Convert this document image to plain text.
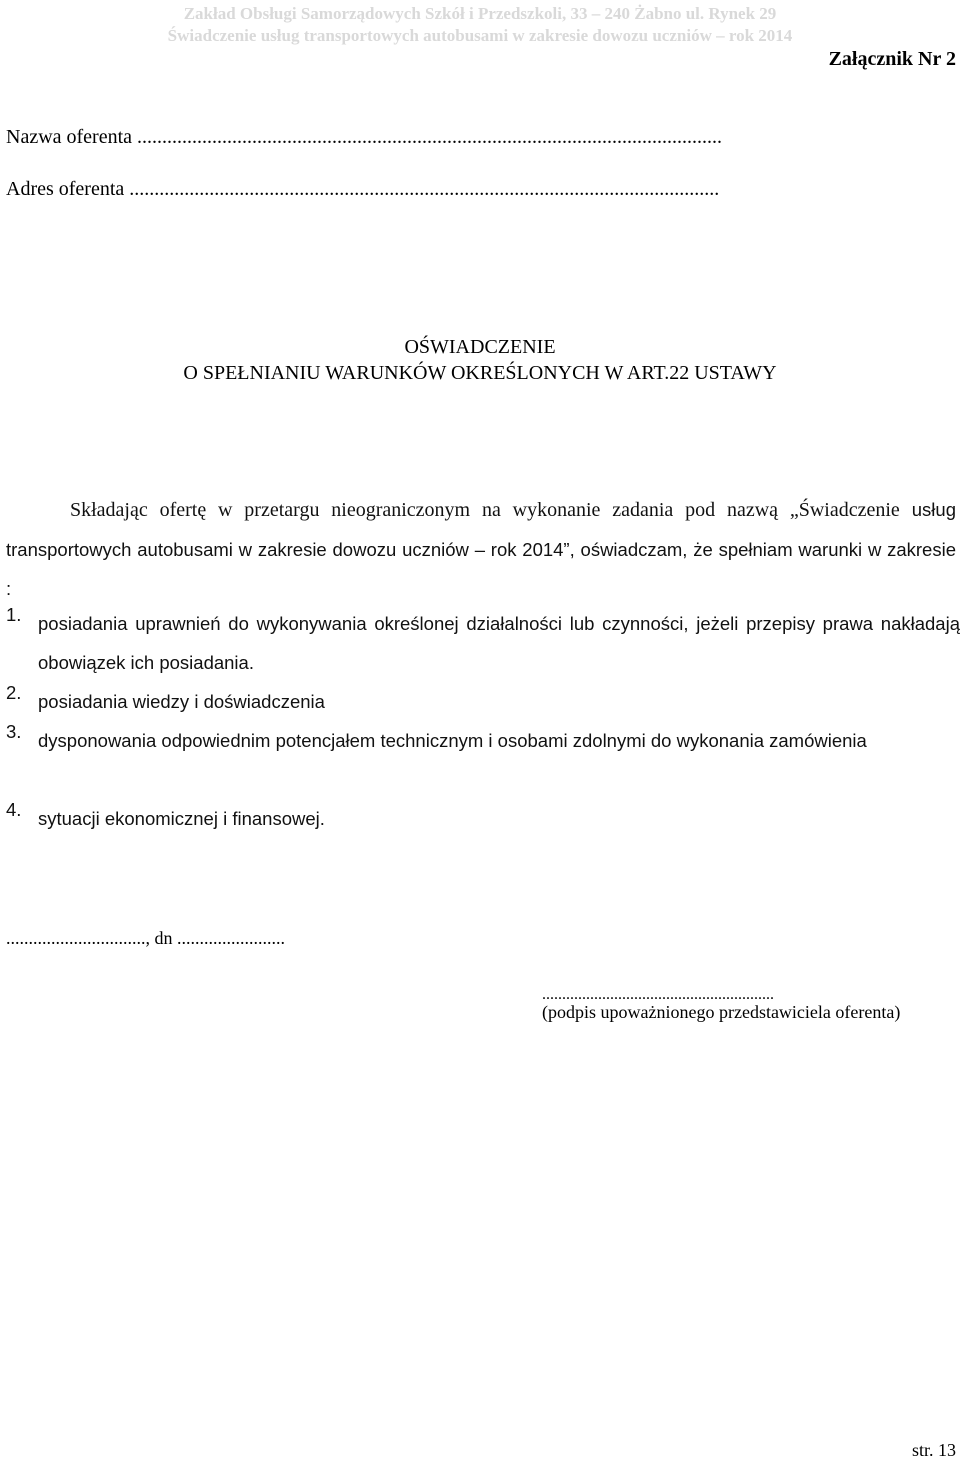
Zakład Obsługi Samorządowych Szkół i Przedszkoli, 33 – 240 Żabno ul. Rynek 29
Świadczenie usług transportowych autobusami w zakresie dowozu uczniów – rok 2014
Załącznik Nr 2
Nazwa oferenta .....................................................................................................................
Adres oferenta ......................................................................................................................
OŚWIADCZENIE
O SPEŁNIANIU WARUNKÓW OKREŚLONYCH W ART.22 USTAWY
Składając ofertę w przetargu nieograniczonym na wykonanie zadania pod nazwą „Świadczenie usług transportowych autobusami w zakresie dowozu uczniów – rok 2014”, oświadczam, że spełniam warunki w zakresie :
1. posiadania uprawnień do wykonywania określonej działalności lub czynności, jeżeli przepisy prawa nakładają obowiązek ich posiadania.
2. posiadania wiedzy i doświadczenia
3. dysponowania odpowiednim potencjałem technicznym i osobami zdolnymi do wykonania zamówienia
4. sytuacji ekonomicznej i finansowej.
..............................., dn ........................
..........................................................
(podpis upoważnionego przedstawiciela oferenta)
str. 13
